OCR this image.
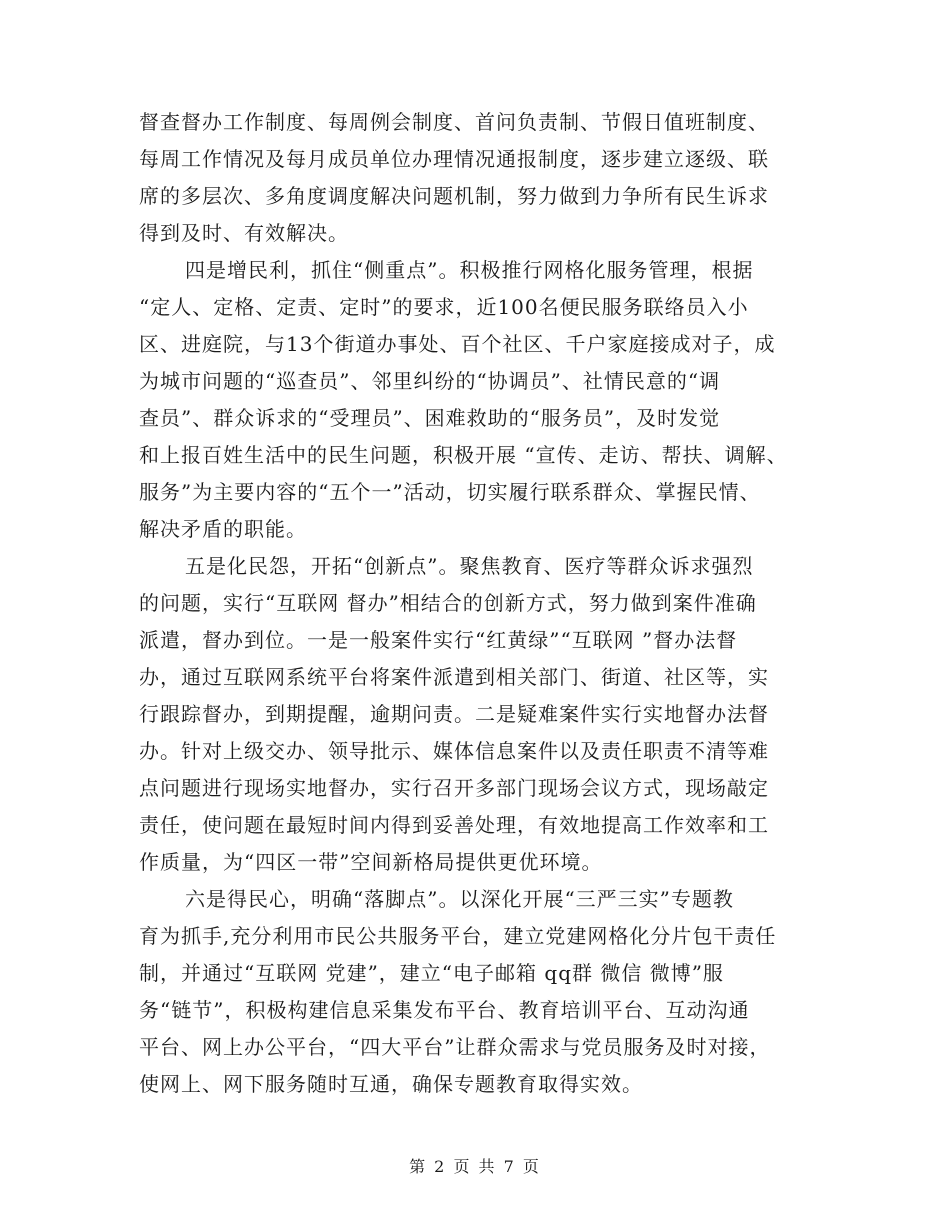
督查督办工作制度、每周例会制度、首问负责制、节假日值班制度、
每周工作情况及每月成员单位办理情况通报制度，逐步建立逐级、联
席的多层次、多角度调度解决问题机制，努力做到力争所有民生诉求
得到及时、有效解决。
四是增民利，抓住“侧重点”。积极推行网格化服务管理，根据
“定人、定格、定责、定时”的要求，近100名便民服务联络员入小
区、进庭院，与13个街道办事处、百个社区、千户家庭接成对子，成
为城市问题的“巡查员”、邻里纠纷的“协调员”、社情民意的“调
查员”、群众诉求的“受理员”、困难救助的“服务员”，及时发觉
和上报百姓生活中的民生问题，积极开展 “宣传、走访、帮扶、调解、
服务”为主要内容的“五个一”活动，切实履行联系群众、掌握民情、
解决矛盾的职能。
五是化民怨，开拓“创新点”。聚焦教育、医疗等群众诉求强烈
的问题，实行“互联网 督办”相结合的创新方式，努力做到案件准确
派遣，督办到位。一是一般案件实行“红黄绿”“互联网 ”督办法督
办，通过互联网系统平台将案件派遣到相关部门、街道、社区等，实
行跟踪督办，到期提醒，逾期问责。二是疑难案件实行实地督办法督
办。针对上级交办、领导批示、媒体信息案件以及责任职责不清等难
点问题进行现场实地督办，实行召开多部门现场会议方式，现场敲定
责任，使问题在最短时间内得到妥善处理，有效地提高工作效率和工
作质量，为“四区一带”空间新格局提供更优环境。
六是得民心，明确“落脚点”。以深化开展“三严三实”专题教
育为抓手,充分利用市民公共服务平台，建立党建网格化分片包干责任
制，并通过“互联网 党建”，建立“电子邮箱 qq群 微信 微博”服
务“链节”，积极构建信息采集发布平台、教育培训平台、互动沟通
平台、网上办公平台，“四大平台”让群众需求与党员服务及时对接，
使网上、网下服务随时互通，确保专题教育取得实效。
第 2 页 共 7 页
